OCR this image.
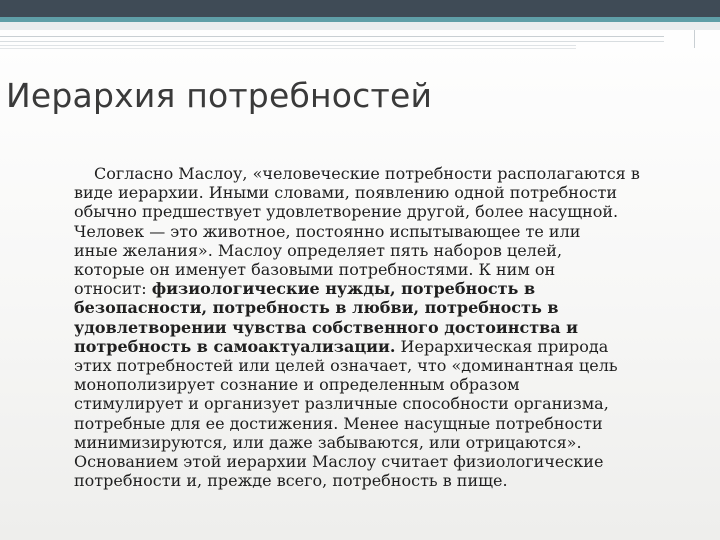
Иерархия потребностей
Согласно Маслоу, «человеческие потребности располагаются в
виде иерархии. Иными словами, появлению одной потребности
обычно предшествует удовлетворение другой, более насущной.
Человек — это животное, постоянно испытывающее те или
иные желания». Маслоу определяет пять наборов целей,
которые он именует базовыми потребностями. К ним он
относит: физиологические нужды, потребность в
безопасности, потребность в любви, потребность в
удовлетворении чувства собственного достоинства и
потребность в самоактуализации. Иерархическая природа
этих потребностей или целей означает, что «доминантная цель
монополизирует сознание и определенным образом
стимулирует и организует различные способности организма,
потребные для ее достижения. Менее насущные потребности
минимизируются, или даже забываются, или отрицаются».
Основанием этой иерархии Маслоу считает физиологические
потребности и, прежде всего, потребность в пище.
